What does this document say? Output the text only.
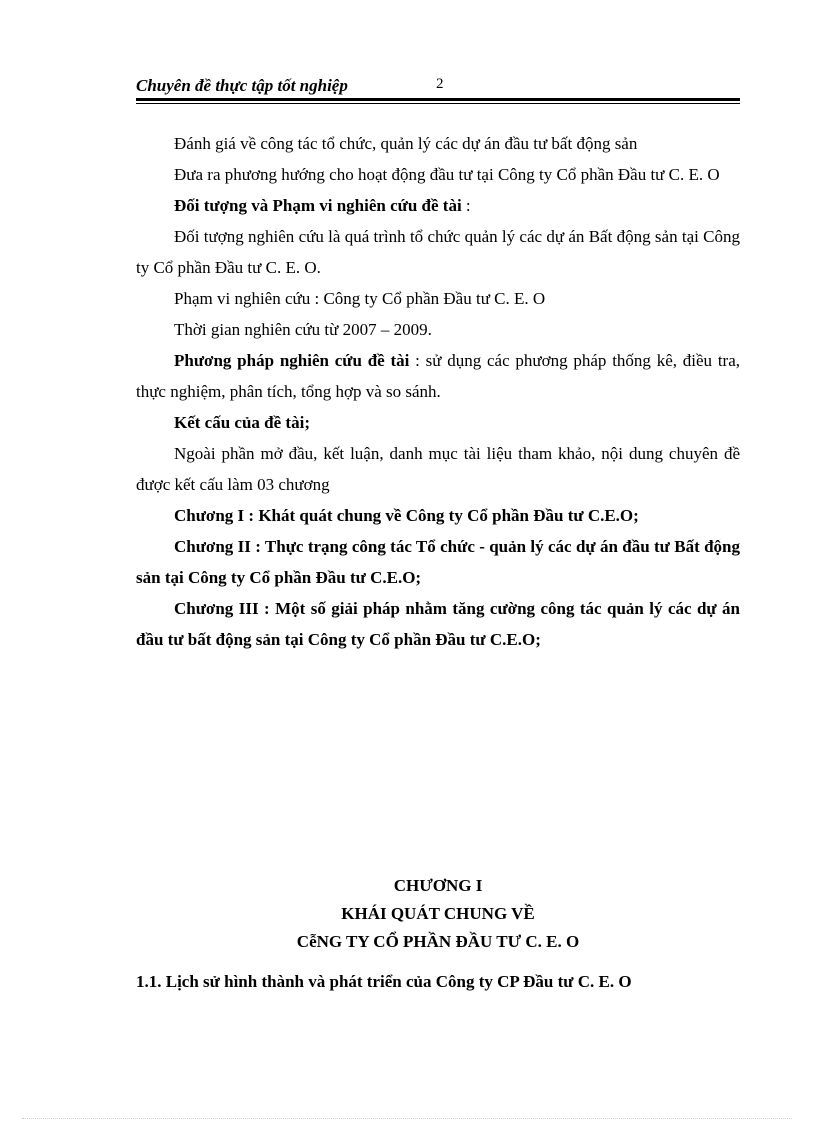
Chuyên đề thực tập tốt nghiệp	2

Đánh giá về công tác tổ chức, quản lý các dự án đầu tư bất động sản

Đưa ra phương hướng cho hoạt động đầu tư tại Công ty Cổ phần Đầu tư C. E. O

Đối tượng và Phạm vi nghiên cứu đề tài :

Đối tượng nghiên cứu là quá trình tổ chức quản lý các dự án Bất động sản tại Công ty Cổ phần Đầu tư C. E. O.

Phạm vi nghiên cứu : Công ty Cổ phần Đầu tư C. E. O

Thời gian nghiên cứu từ 2007 – 2009.

Phương pháp nghiên cứu đề tài : sử dụng các phương pháp thống kê, điều tra, thực nghiệm, phân tích, tổng hợp và so sánh.

Kết cấu của đề tài;

Ngoài phần mở đầu, kết luận, danh mục tài liệu tham khảo, nội dung chuyên đề được kết cấu làm 03 chương

Chương I : Khát quát chung về Công ty Cổ phần Đầu tư C.E.O;

Chương II : Thực trạng công tác Tổ chức - quản lý các dự án đầu tư Bất động sản tại Công ty Cổ phần Đầu tư C.E.O;

Chương III : Một số giải pháp nhằm tăng cường công tác quản lý các dự án đầu tư bất động sản tại Công ty Cổ phần Đầu tư C.E.O;

CHƯƠNG I
KHÁI QUÁT CHUNG VỀ
CễNG TY CỔ PHẦN ĐẦU TƯ C. E. O
1.1. Lịch sử hình thành và phát triển của Công ty CP Đầu tư C. E. O
